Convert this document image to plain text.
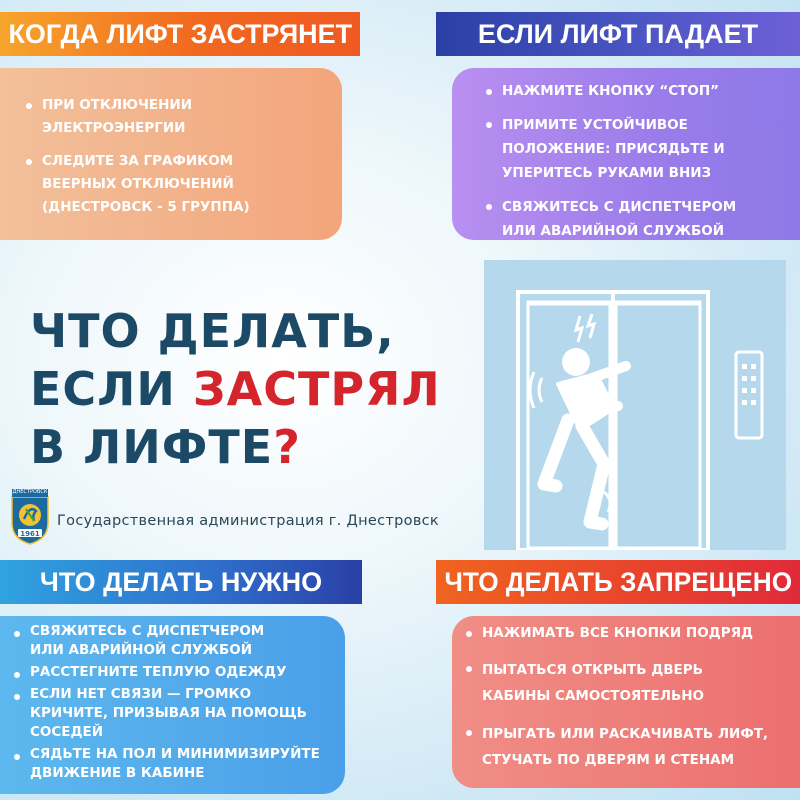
КОГДА ЛИФТ ЗАСТРЯНЕТ
ПРИ ОТКЛЮЧЕНИИ ЭЛЕКТРОЭНЕРГИИ
СЛЕДИТЕ ЗА ГРАФИКОМ ВЕЕРНЫХ ОТКЛЮЧЕНИЙ
(ДНЕСТРОВСК - 5 ГРУППА)
ЕСЛИ ЛИФТ ПАДАЕТ
НАЖМИТЕ КНОПКУ “СТОП”
ПРИМИТЕ УСТОЙЧИВОЕ ПОЛОЖЕНИЕ: ПРИСЯДЬТЕ И УПЕРИТЕСЬ РУКАМИ ВНИЗ
СВЯЖИТЕСЬ С ДИСПЕТЧЕРОМ ИЛИ АВАРИЙНОЙ СЛУЖБОЙ
ЧТО ДЕЛАТЬ,
ЕСЛИ ЗАСТРЯЛ
В ЛИФТЕ?
ДНЕСТРОВСК
1961
Государственная администрация г. Днестровск
ЧТО ДЕЛАТЬ НУЖНО
СВЯЖИТЕСЬ С ДИСПЕТЧЕРОМ ИЛИ АВАРИЙНОЙ СЛУЖБОЙ
РАССТЕГНИТЕ ТЕПЛУЮ ОДЕЖДУ
ЕСЛИ НЕТ СВЯЗИ — ГРОМКО КРИЧИТЕ, ПРИЗЫВАЯ НА ПОМОЩЬ СОСЕДЕЙ
СЯДЬТЕ НА ПОЛ И МИНИМИЗИРУЙТЕ ДВИЖЕНИЕ В КАБИНЕ
ЧТО ДЕЛАТЬ ЗАПРЕЩЕНО
НАЖИМАТЬ ВСЕ КНОПКИ ПОДРЯД
ПЫТАТЬСЯ ОТКРЫТЬ ДВЕРЬ КАБИНЫ САМОСТОЯТЕЛЬНО
ПРЫГАТЬ ИЛИ РАСКАЧИВАТЬ ЛИФТ, СТУЧАТЬ ПО ДВЕРЯМ И СТЕНАМ
